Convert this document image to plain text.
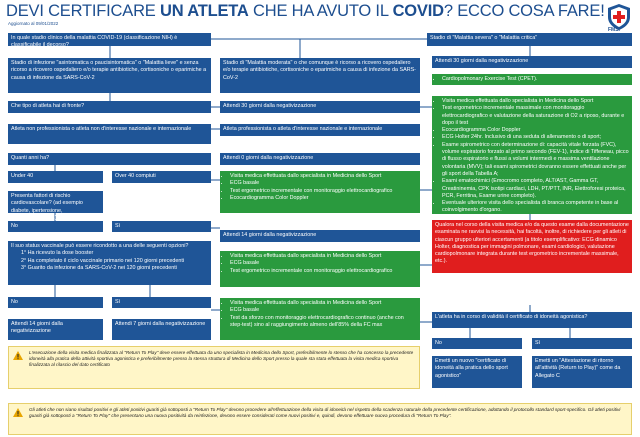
DEVI CERTIFICARE UN ATLETA CHE HA AVUTO IL COVID? ECCO COSA FARE!
Aggiornato al 09/01/2022
FMSI
In quale stadio clinico della malattia COVID-19 (classificazione NIH) è classificabile il decorso?
Stadio di infezione "asintomatica o paucisintomatica" o "Malattia lieve" e senza ricorso a ricovero ospedaliero e/o terapie antibiotiche, cortisoniche o eparimiche a causa di infezione da SARS-CoV-2
Che tipo di atleta hai di fronte?
Atleta non professionista o atleta non d'interesse nazionale e internazionale
Quanti anni ha?
Under 40	Over 40 compiuti
Presenta fattori di rischio cardiovascolare? (ad esempio diabete, ipertensione, ipercolesterolemia)
No	Sì
Il suo status vaccinale può essere ricondotto a una delle seguenti opzioni?
1° Ha ricevuto la dose booster
2° Ha completato il ciclo vaccinale primario nei 120 giorni precedenti
3° Guarito da infezione da SARS-CoV-2 nei 120 giorni precedenti
No	Sì
Attendi 14 giorni dalla negativizzazione
Attendi 7 giorni dalla negativizzazione
Stadio di "Malattia moderata" o che comunque è ricorso a ricovero ospedaliero e/o terapie antibiotiche, cortisoniche o eparimiche a causa di infezione da SARS-CoV-2
Attendi 30 giorni dalla negativizzazione
Atleta professionista o atleta d'interesse nazionale e internazionale
Attendi 0 giorni dalla negativizzazione
• Visita medica effettuata dallo specialista in Medicina dello Sport
• ECG basale
• Test ergometrico incrementale con monitoraggio elettrocardiografico
• Ecocardiogramma Color Doppler
Attendi 14 giorni dalla negativizzazione
• Visita medica effettuata dallo specialista in Medicina dello Sport
• ECG basale
• Test ergometrico incrementale con monitoraggio elettrocardiografico
• Visita medica effettuata dallo specialista in Medicina dello Sport
• ECG basale
• Test da sforzo con monitoraggio elettrocardiografico continuo (anche con step-test) sino al raggiungimento almeno dell'85% della FC max
Stadio di "Malattia severa" o "Malattia critica"
Attendi 30 giorni dalla negativizzazione
• Cardiopolmonary Exercise Test (CPET).
• Visita medica effettuata dallo specialista in Medicina dello Sport
• Test ergometrico incrementale massimale con monitoraggio elettrocardiografico e valutazione della saturazione di O2 a riposo, durante e dopo il test
• Ecocardiogramma Color Doppler
• ECG Holter 24hr. Inclusivo di una seduta di allenamento o di sport;
• Esame spirometrico con determinazione di: capacità vitale forzata (FVC), volume espiratorio forzato al primo secondo (FEV-1), indice di Tiffeneau, picco di flusso espiratorio e flussi a volumi intermedi e massima ventilazione volontaria (MVV); tali esami spirometrici dovranno essere effettuati anche per gli sport della Tabella A;
• Esami ematochimici (Emocromo completo, ALT/AST, Gamma GT, Creatininemia, CPK isotipi cardiaci, LDH, PT/PTT, INR, Elettroforesi proteica, PCR, Ferritina, Esame urine completo).
• Eventuale ulteriore visita dello specialista di branca competente in base al coinvolgimento d'organo.
Qualora nel corso della visita medica e/o da questo esame dalla documentazione esaminata ne ravvisi la necessità, hai facoltà, inoltre, di richiedere per gli atleti di ciascun gruppo ulteriori accertamenti (a titolo esemplificativo: ECG dinamico Holter, diagnostica per immagini polmonare, esami cardiologici, valutazione cardiopolmonare integrata durante test ergometrico incrementale massimale, etc.).
L'atleta ha in corso di validità il certificato di idoneità agonistica?
No	Sì
Emetti un nuovo "certificato di idoneità alla pratica dello sport agonistico"
Emetti un "Attestazione di ritorno all'attività (Return to Play)" come da Allegato C
L'esecuzione della visita medica finalizzata al "Return To Play" deve essere effettuata da uno specialista in Medicina dello Sport, preferibilmente lo stesso che ha concesso la precedente idoneità alla pratica della attività sportiva agonistica e preferibilmente presso la stessa struttura di Medicina dello Sport presso la quale sta stata effettuata la visita medica sportiva finalizzata al rilascio del dato certificato
Gli atleti che non siano risultati positivi e gli atleti positivi guariti già sottoposti a "Return To Play" devono procedere all'effettuazione della visita di idoneità nel rispetto della scadenza naturale della precedente certificazione, adottando il protocollo standard sport-specifico. Gli atleti positivi guariti già sottoposti a "Return To Play" che presentano una nuova positività da reinfezione, devono essere considerati come nuovi positivi e, quindi, devono effettuare nuova procedura di "Return To Play".
